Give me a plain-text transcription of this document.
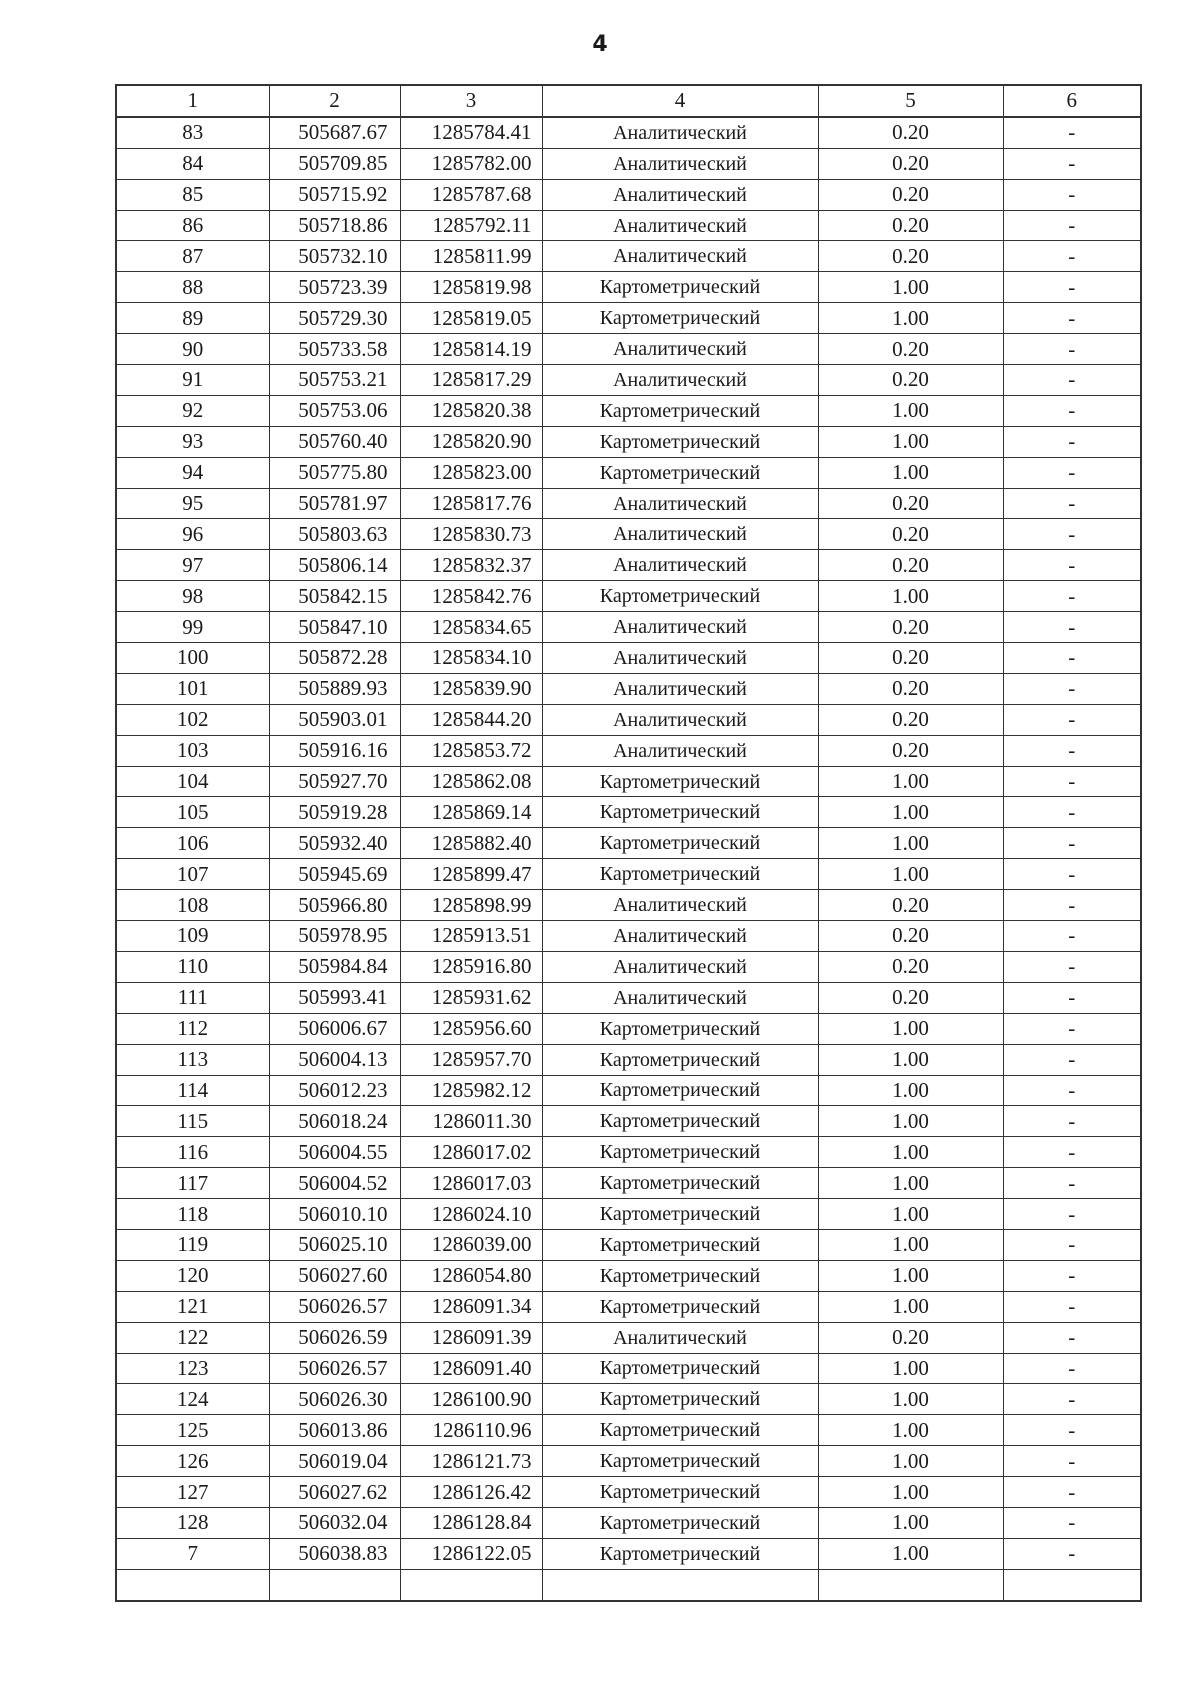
4
1	2	3	4	5	6
83	505687.67	1285784.41	Аналитический	0.20	-
84	505709.85	1285782.00	Аналитический	0.20	-
85	505715.92	1285787.68	Аналитический	0.20	-
86	505718.86	1285792.11	Аналитический	0.20	-
87	505732.10	1285811.99	Аналитический	0.20	-
88	505723.39	1285819.98	Картометрический	1.00	-
89	505729.30	1285819.05	Картометрический	1.00	-
90	505733.58	1285814.19	Аналитический	0.20	-
91	505753.21	1285817.29	Аналитический	0.20	-
92	505753.06	1285820.38	Картометрический	1.00	-
93	505760.40	1285820.90	Картометрический	1.00	-
94	505775.80	1285823.00	Картометрический	1.00	-
95	505781.97	1285817.76	Аналитический	0.20	-
96	505803.63	1285830.73	Аналитический	0.20	-
97	505806.14	1285832.37	Аналитический	0.20	-
98	505842.15	1285842.76	Картометрический	1.00	-
99	505847.10	1285834.65	Аналитический	0.20	-
100	505872.28	1285834.10	Аналитический	0.20	-
101	505889.93	1285839.90	Аналитический	0.20	-
102	505903.01	1285844.20	Аналитический	0.20	-
103	505916.16	1285853.72	Аналитический	0.20	-
104	505927.70	1285862.08	Картометрический	1.00	-
105	505919.28	1285869.14	Картометрический	1.00	-
106	505932.40	1285882.40	Картометрический	1.00	-
107	505945.69	1285899.47	Картометрический	1.00	-
108	505966.80	1285898.99	Аналитический	0.20	-
109	505978.95	1285913.51	Аналитический	0.20	-
110	505984.84	1285916.80	Аналитический	0.20	-
111	505993.41	1285931.62	Аналитический	0.20	-
112	506006.67	1285956.60	Картометрический	1.00	-
113	506004.13	1285957.70	Картометрический	1.00	-
114	506012.23	1285982.12	Картометрический	1.00	-
115	506018.24	1286011.30	Картометрический	1.00	-
116	506004.55	1286017.02	Картометрический	1.00	-
117	506004.52	1286017.03	Картометрический	1.00	-
118	506010.10	1286024.10	Картометрический	1.00	-
119	506025.10	1286039.00	Картометрический	1.00	-
120	506027.60	1286054.80	Картометрический	1.00	-
121	506026.57	1286091.34	Картометрический	1.00	-
122	506026.59	1286091.39	Аналитический	0.20	-
123	506026.57	1286091.40	Картометрический	1.00	-
124	506026.30	1286100.90	Картометрический	1.00	-
125	506013.86	1286110.96	Картометрический	1.00	-
126	506019.04	1286121.73	Картометрический	1.00	-
127	506027.62	1286126.42	Картометрический	1.00	-
128	506032.04	1286128.84	Картометрический	1.00	-
7	506038.83	1286122.05	Картометрический	1.00	-
